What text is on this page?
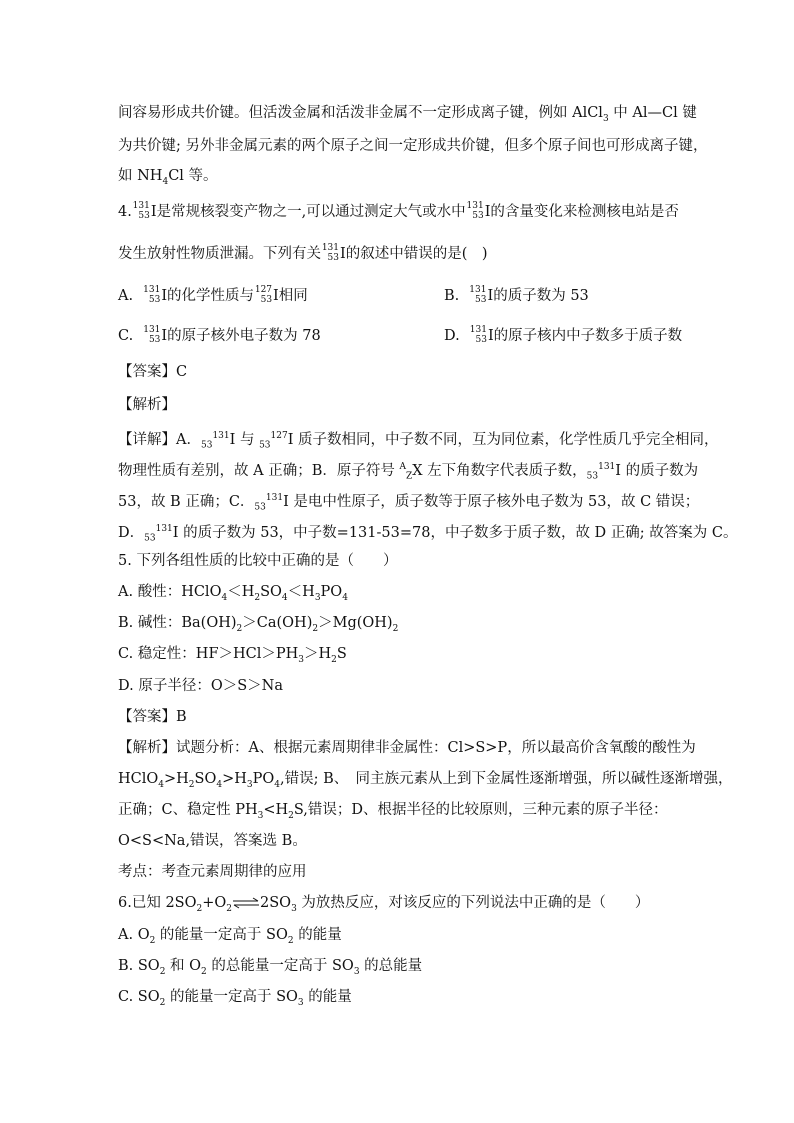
间容易形成共价键。但活泼金属和活泼非金属不一定形成离子键，例如 AlCl$_3$ 中 Al—Cl 键
为共价键; 另外非金属元素的两个原子之间一定形成共价键，但多个原子间也可形成离子键，
如 $NH_4Cl$ 等。
4. 131
53 I是常规核裂变产物之一,可以通过测定大气或水中 131
53 I的含量变化来检测核电站是否
发生放射性物质泄漏。下列有关 131
53 I的叙述中错误的是(　)
A. 131
53 I的化学性质与 127
53 I相同	B. 131
53 I的质子数为 53
C. 131
53 I的原子核外电子数为 78	D. 131
53 I的原子核内中子数多于质子数
【答案】C
【解析】
【详解】A．$_{53}^{131}$I 与 $_{53}^{127}$I 质子数相同，中子数不同，互为同位素，化学性质几乎完全相同，
物理性质有差别，故 A 正确；B．原子符号 $^A_Z$X 左下角数字代表质子数，$_{53}^{131}$I 的质子数为
53，故 B 正确；C．$_{53}^{131}$I 是电中性原子，质子数等于原子核外电子数为 53，故 C 错误；
D．$_{53}^{131}$I 的质子数为 53，中子数=131-53=78，中子数多于质子数，故 D 正确; 故答案为 C。
5. 下列各组性质的比较中正确的是（　　）
A. 酸性：$HClO_4<H_2SO_4<H_3PO_4$
B. 碱性：$Ba(OH)_2>Ca(OH)_2>Mg(OH)_2$
C. 稳定性：$HF>HCl>PH_3>H_2S$
D. 原子半径：O＞S＞Na
【答案】B
【解析】试题分析：A、根据元素周期律非金属性：Cl>S>P，所以最高价含氧酸的酸性为
$HClO_4>H_2SO_4>H_3PO_4$,错误; B、　同主族元素从上到下金属性逐渐增强，所以碱性逐渐增强，
正确；C、稳定性 $PH_3<H_2S$,错误；D、根据半径的比较原则，三种元素的原子半径：
O<S<Na,错误，答案选 B。
考点：考查元素周期律的应用
6.已知 $2SO_2+O_2\rightleftharpoons 2SO_3$ 为放热反应，对该反应的下列说法中正确的是（　　）
A. $O_2$ 的能量一定高于 $SO_2$ 的能量
B. $SO_2$ 和 $O_2$ 的总能量一定高于 $SO_3$ 的总能量
C. $SO_2$ 的能量一定高于 $SO_3$ 的能量
